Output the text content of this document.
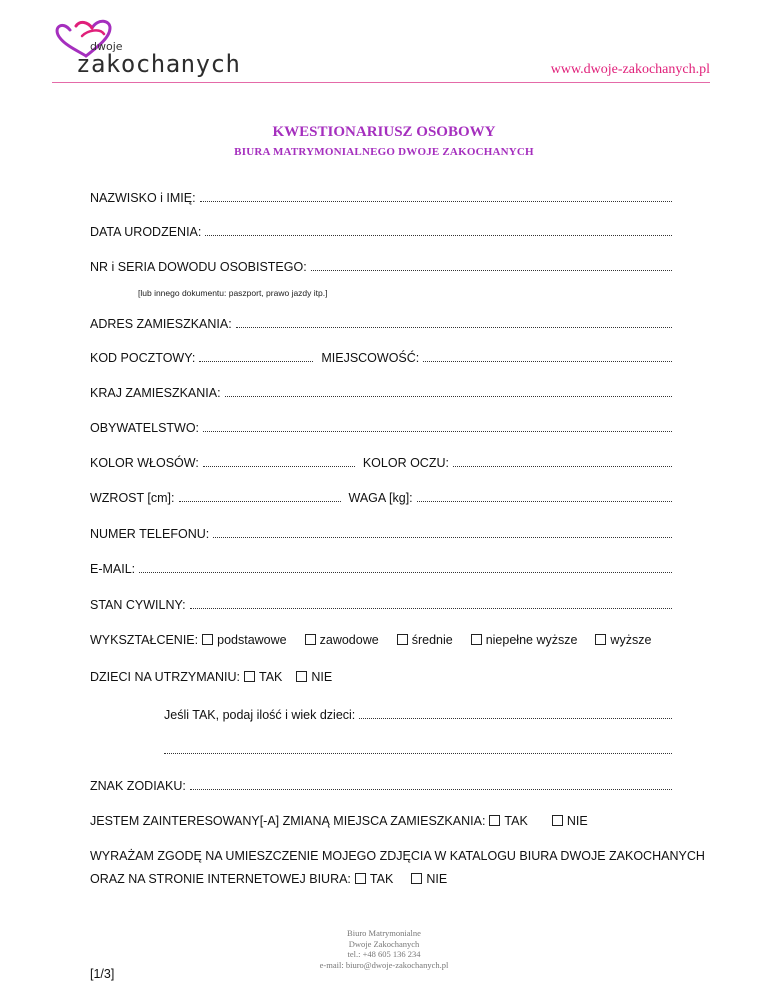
dwoje
zakochanych	www.dwoje-zakochanych.pl
KWESTIONARIUSZ OSOBOWY
BIURA MATRYMONIALNEGO DWOJE ZAKOCHANYCH
NAZWISKO i IMIĘ:
DATA URODZENIA:
NR i SERIA DOWODU OSOBISTEGO:
[lub innego dokumentu: paszport, prawo jazdy itp.]
ADRES ZAMIESZKANIA:
KOD POCZTOWY:	MIEJSCOWOŚĆ:
KRAJ ZAMIESZKANIA:
OBYWATELSTWO:
KOLOR WŁOSÓW:	KOLOR OCZU:
WZROST [cm]:	WAGA [kg]:
NUMER TELEFONU:
E-MAIL:
STAN CYWILNY:
WYKSZTAŁCENIE: podstawowe	zawodowe	średnie	niepełne wyższe	wyższe
DZIECI NA UTRZYMANIU: TAK NIE
Jeśli TAK, podaj ilość i wiek dzieci:
ZNAK ZODIAKU:
JESTEM ZAINTERESOWANY[-A] ZMIANĄ MIEJSCA ZAMIESZKANIA: TAK	NIE
WYRAŻAM ZGODĘ NA UMIESZCZENIE MOJEGO ZDJĘCIA W KATALOGU BIURA DWOJE ZAKOCHANYCH
ORAZ NA STRONIE INTERNETOWEJ BIURA: TAK	NIE
Biuro Matrymonialne
Dwoje Zakochanych
tel.: +48 605 136 234
e-mail: biuro@dwoje-zakochanych.pl
[1/3]
